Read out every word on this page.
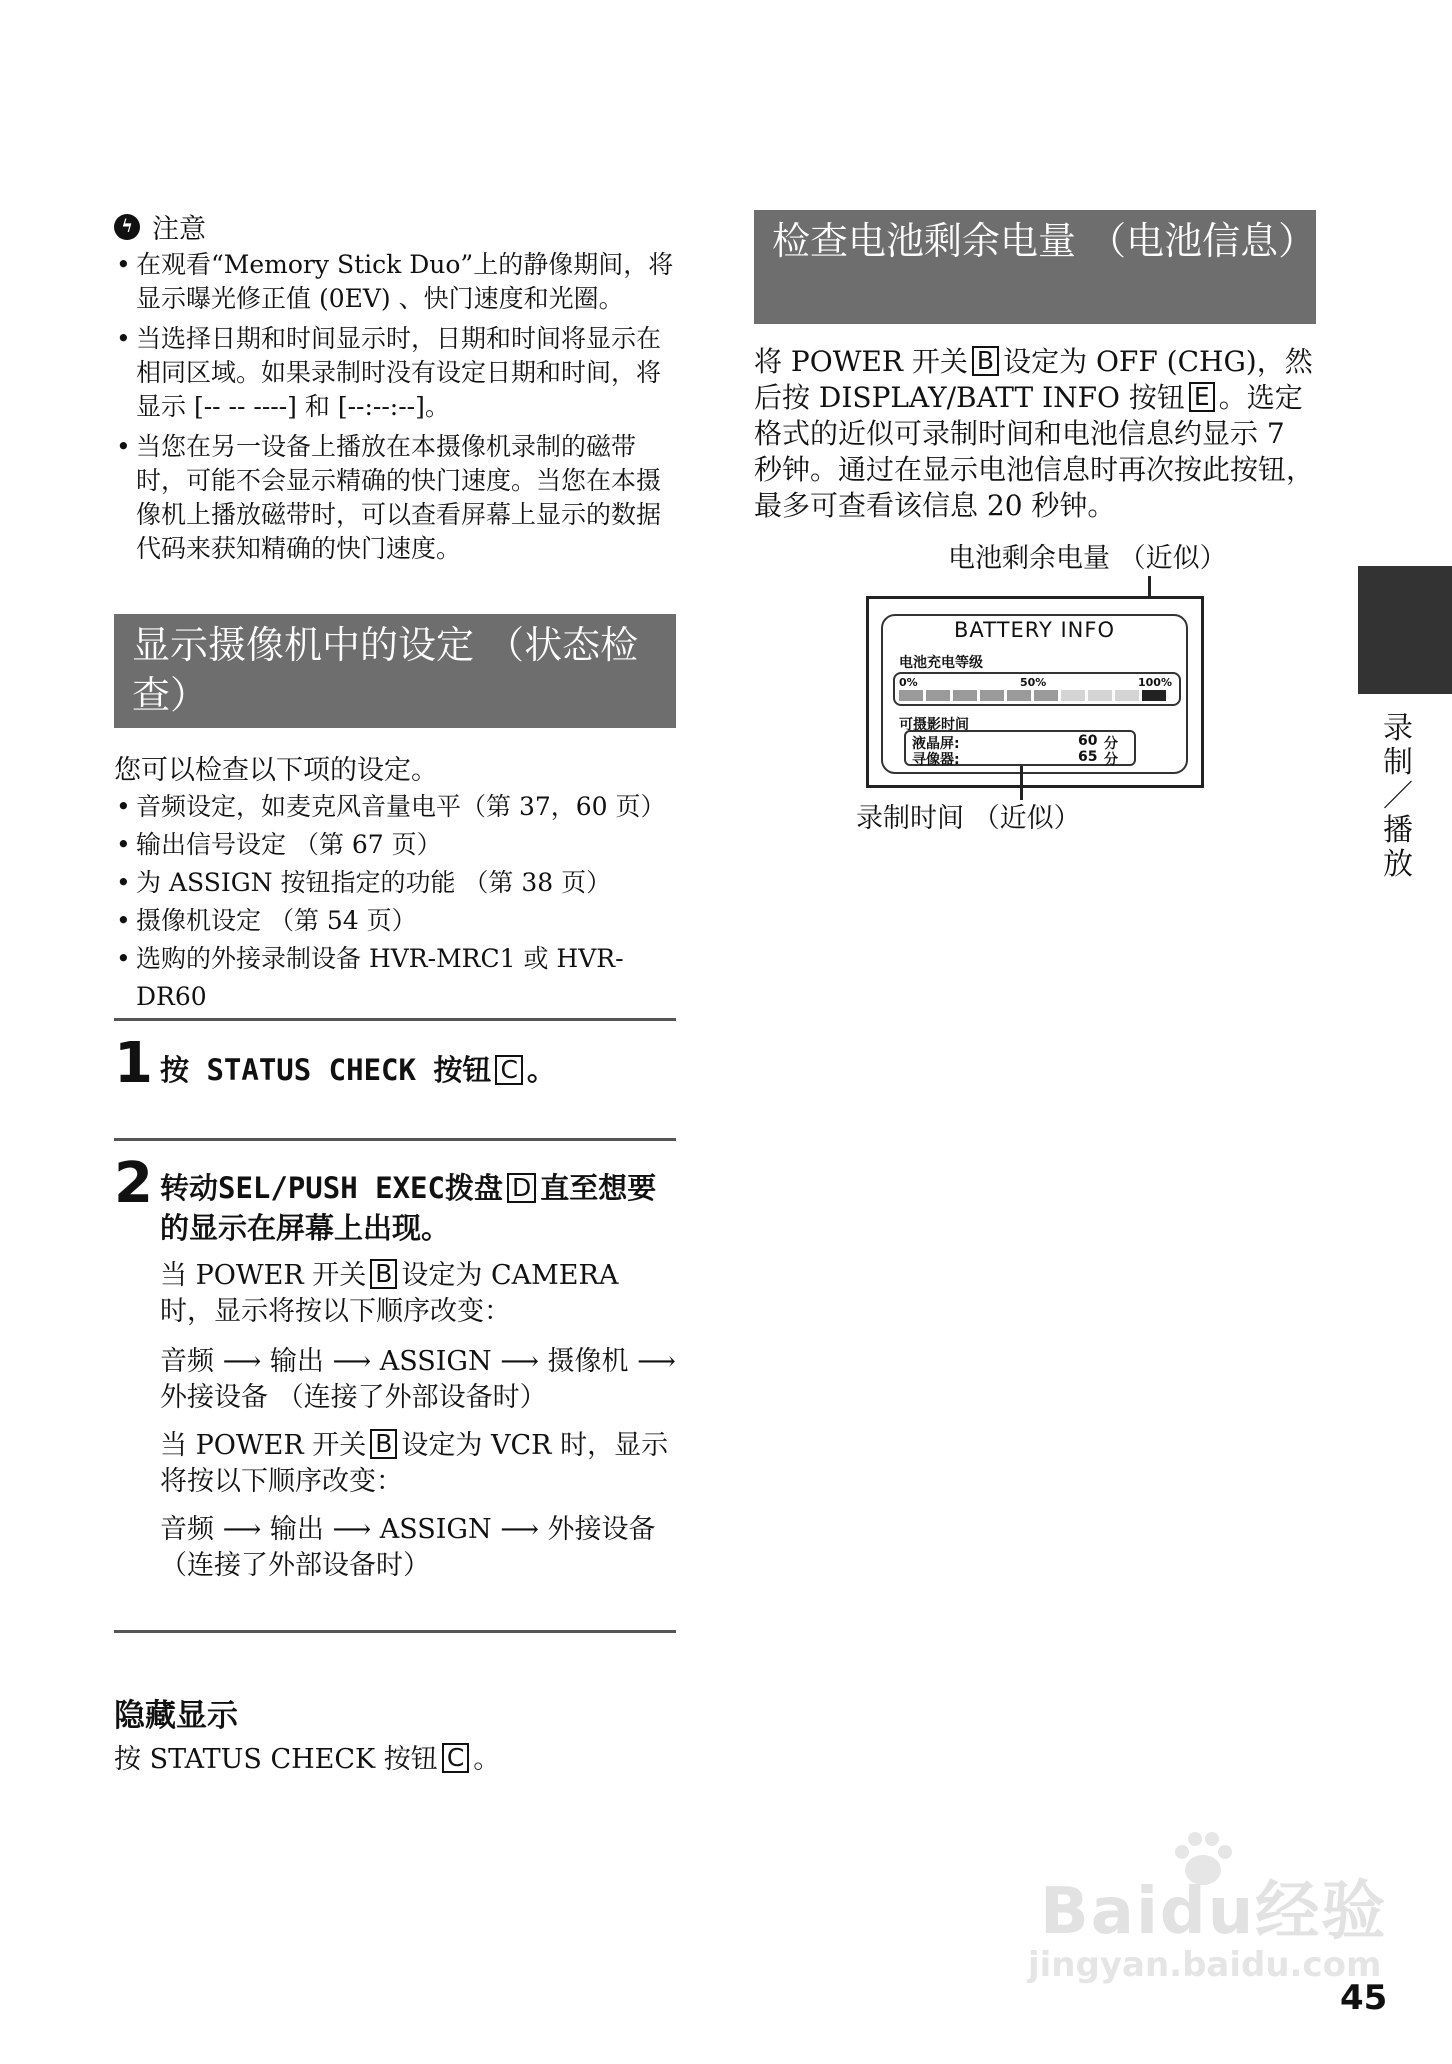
ϟ 注意
• 在观看“Memory Stick Duo”上的静像期间，将显示曝光修正值 (0EV) 、快门速度和光圈。
• 当选择日期和时间显示时，日期和时间将显示在相同区域。如果录制时没有设定日期和时间，将显示 [-- -- ----] 和 [--:--:--]。
• 当您在另一设备上播放在本摄像机录制的磁带时，可能不会显示精确的快门速度。当您在本摄像机上播放磁带时，可以查看屏幕上显示的数据代码来获知精确的快门速度。
显示摄像机中的设定 （状态检查）
您可以检查以下项的设定。
• 音频设定，如麦克风音量电平（第 37，60 页）
• 输出信号设定 （第 67 页）
• 为 ASSIGN 按钮指定的功能 （第 38 页）
• 摄像机设定 （第 54 页）
• 选购的外接录制设备 HVR-MRC1 或 HVR-DR60
1 按 STATUS CHECK 按钮 C 。
2 转动SEL/PUSH EXEC拨盘 D 直至想要的显示在屏幕上出现。
当 POWER 开关 B 设定为 CAMERA 时，显示将按以下顺序改变：
音频 ⟶ 输出 ⟶ ASSIGN ⟶ 摄像机 ⟶ 外接设备 （连接了外部设备时）
当 POWER 开关 B 设定为 VCR 时，显示将按以下顺序改变：
音频 ⟶ 输出 ⟶ ASSIGN ⟶ 外接设备 （连接了外部设备时）
隐藏显示
按 STATUS CHECK 按钮 C 。
检查电池剩余电量 （电池信息）
将 POWER 开关 B 设定为 OFF (CHG)，然后按 DISPLAY/BATT INFO 按钮 E 。选定格式的近似可录制时间和电池信息约显示 7 秒钟。通过在显示电池信息时再次按此按钮，最多可查看该信息 20 秒钟。
电池剩余电量 （近似）
BATTERY INFO
电池充电等级
0%	50%	100%
可摄影时间
液晶屏:	60 分
寻像器:	65 分
录制时间 （近似）
录制／播放
Baidu经验
jingyan.baidu.com
45
